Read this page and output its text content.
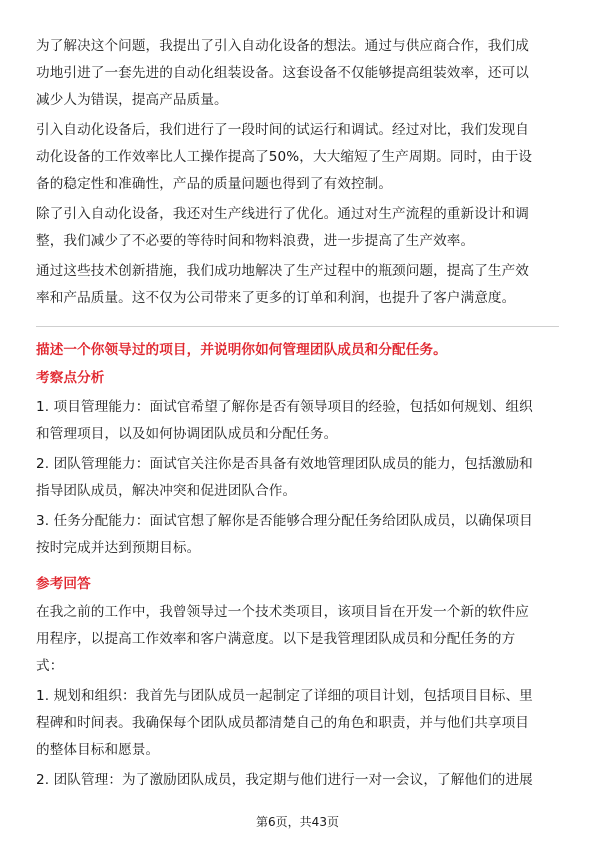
为了解决这个问题，我提出了引入自动化设备的想法。通过与供应商合作，我们成
功地引进了一套先进的自动化组装设备。这套设备不仅能够提高组装效率，还可以
减少人为错误，提高产品质量。
引入自动化设备后，我们进行了一段时间的试运行和调试。经过对比，我们发现自
动化设备的工作效率比人工操作提高了50%，大大缩短了生产周期。同时，由于设
备的稳定性和准确性，产品的质量问题也得到了有效控制。
除了引入自动化设备，我还对生产线进行了优化。通过对生产流程的重新设计和调
整，我们减少了不必要的等待时间和物料浪费，进一步提高了生产效率。
通过这些技术创新措施，我们成功地解决了生产过程中的瓶颈问题，提高了生产效
率和产品质量。这不仅为公司带来了更多的订单和利润，也提升了客户满意度。
描述一个你领导过的项目，并说明你如何管理团队成员和分配任务。
考察点分析
1. 项目管理能力：面试官希望了解你是否有领导项目的经验，包括如何规划、组织
和管理项目，以及如何协调团队成员和分配任务。
2. 团队管理能力：面试官关注你是否具备有效地管理团队成员的能力，包括激励和
指导团队成员，解决冲突和促进团队合作。
3. 任务分配能力：面试官想了解你是否能够合理分配任务给团队成员，以确保项目
按时完成并达到预期目标。
参考回答
在我之前的工作中，我曾领导过一个技术类项目，该项目旨在开发一个新的软件应
用程序，以提高工作效率和客户满意度。以下是我管理团队成员和分配任务的方
式：
1. 规划和组织：我首先与团队成员一起制定了详细的项目计划，包括项目目标、里
程碑和时间表。我确保每个团队成员都清楚自己的角色和职责，并与他们共享项目
的整体目标和愿景。
2. 团队管理：为了激励团队成员，我定期与他们进行一对一会议，了解他们的进展
第6页，共43页
